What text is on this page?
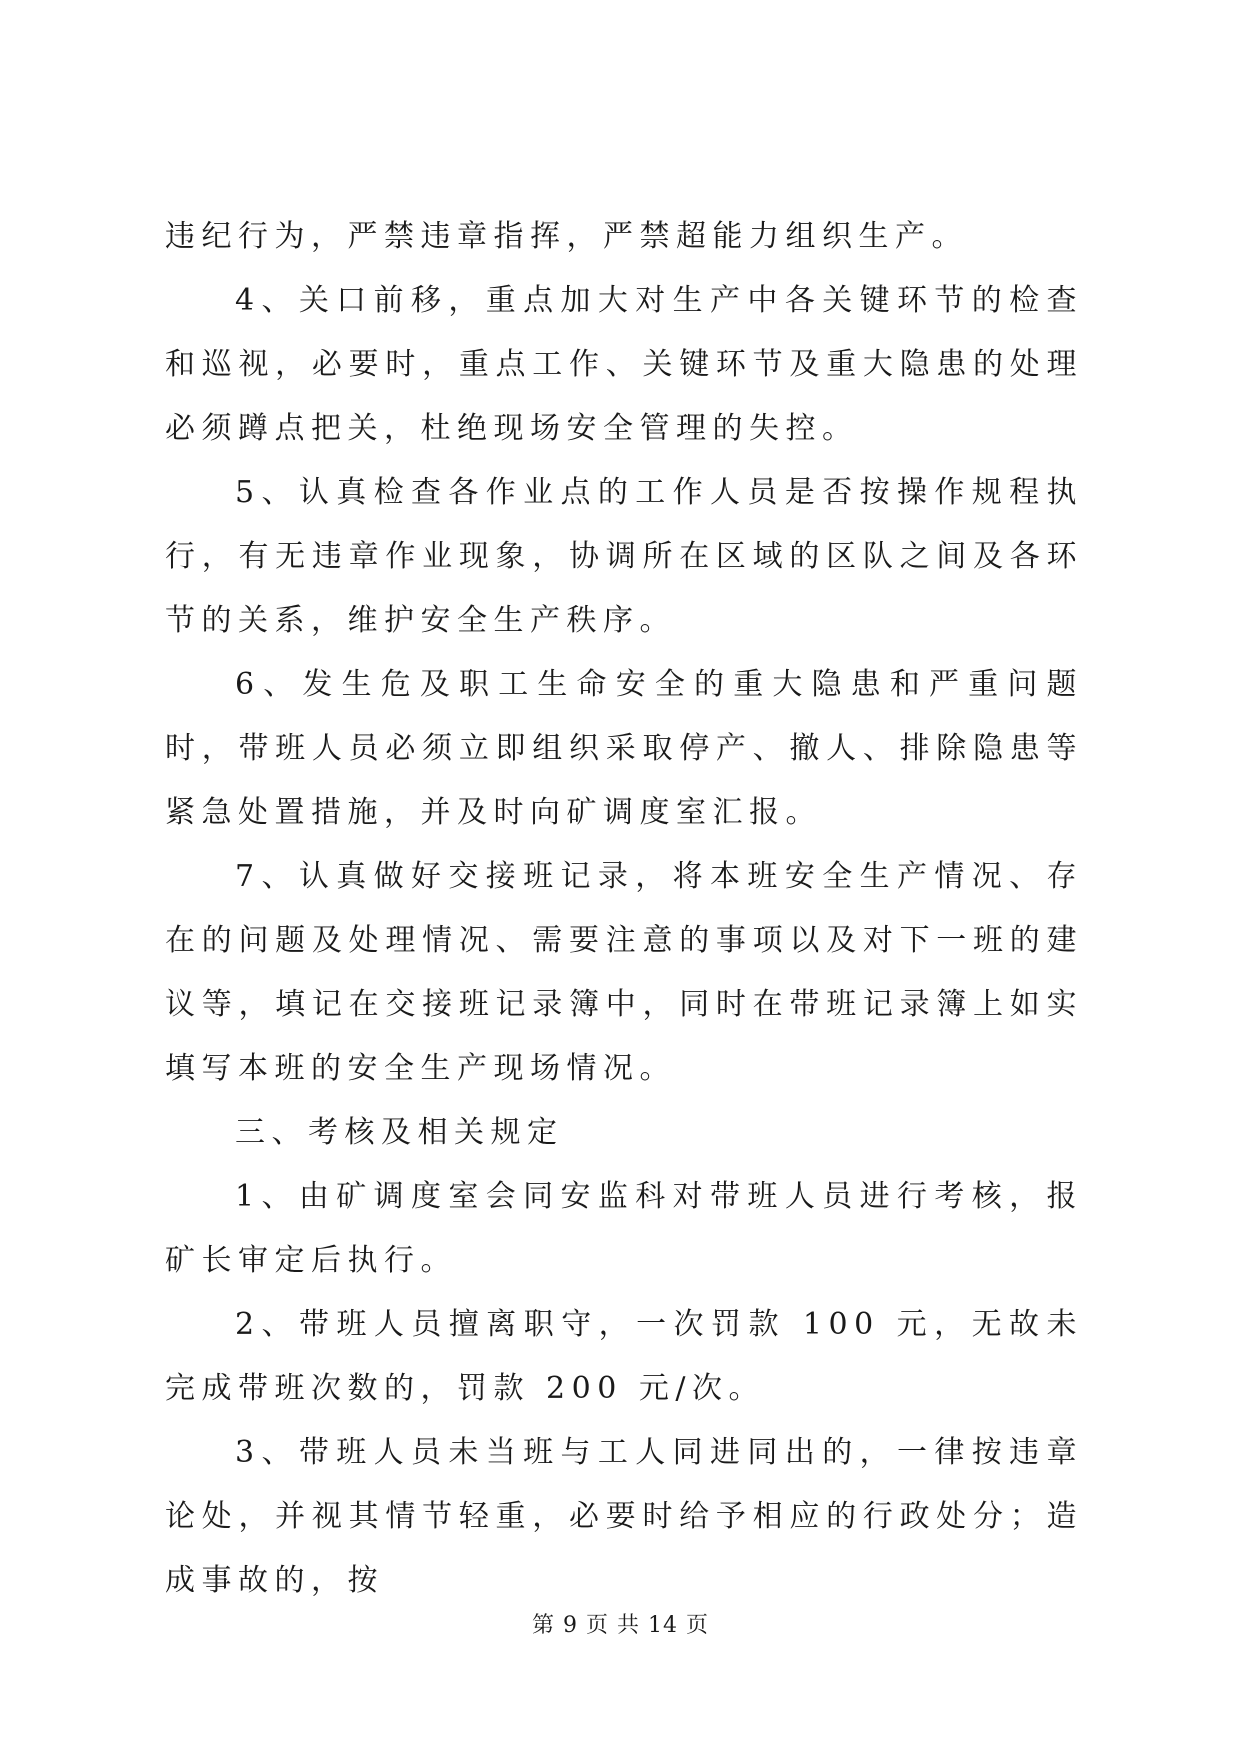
违纪行为，严禁违章指挥，严禁超能力组织生产。

4、关口前移，重点加大对生产中各关键环节的检查和巡视，必要时，重点工作、关键环节及重大隐患的处理必须蹲点把关，杜绝现场安全管理的失控。

5、认真检查各作业点的工作人员是否按操作规程执行，有无违章作业现象，协调所在区域的区队之间及各环节的关系，维护安全生产秩序。

6、发生危及职工生命安全的重大隐患和严重问题时，带班人员必须立即组织采取停产、撤人、排除隐患等紧急处置措施，并及时向矿调度室汇报。

7、认真做好交接班记录，将本班安全生产情况、存在的问题及处理情况、需要注意的事项以及对下一班的建议等，填记在交接班记录簿中，同时在带班记录簿上如实填写本班的安全生产现场情况。

三、考核及相关规定

1、由矿调度室会同安监科对带班人员进行考核，报矿长审定后执行。

2、带班人员擅离职守，一次罚款 100 元，无故未完成带班次数的，罚款 200 元/次。

3、带班人员未当班与工人同进同出的，一律按违章论处，并视其情节轻重，必要时给予相应的行政处分；造成事故的，按

第 9 页 共 14 页
